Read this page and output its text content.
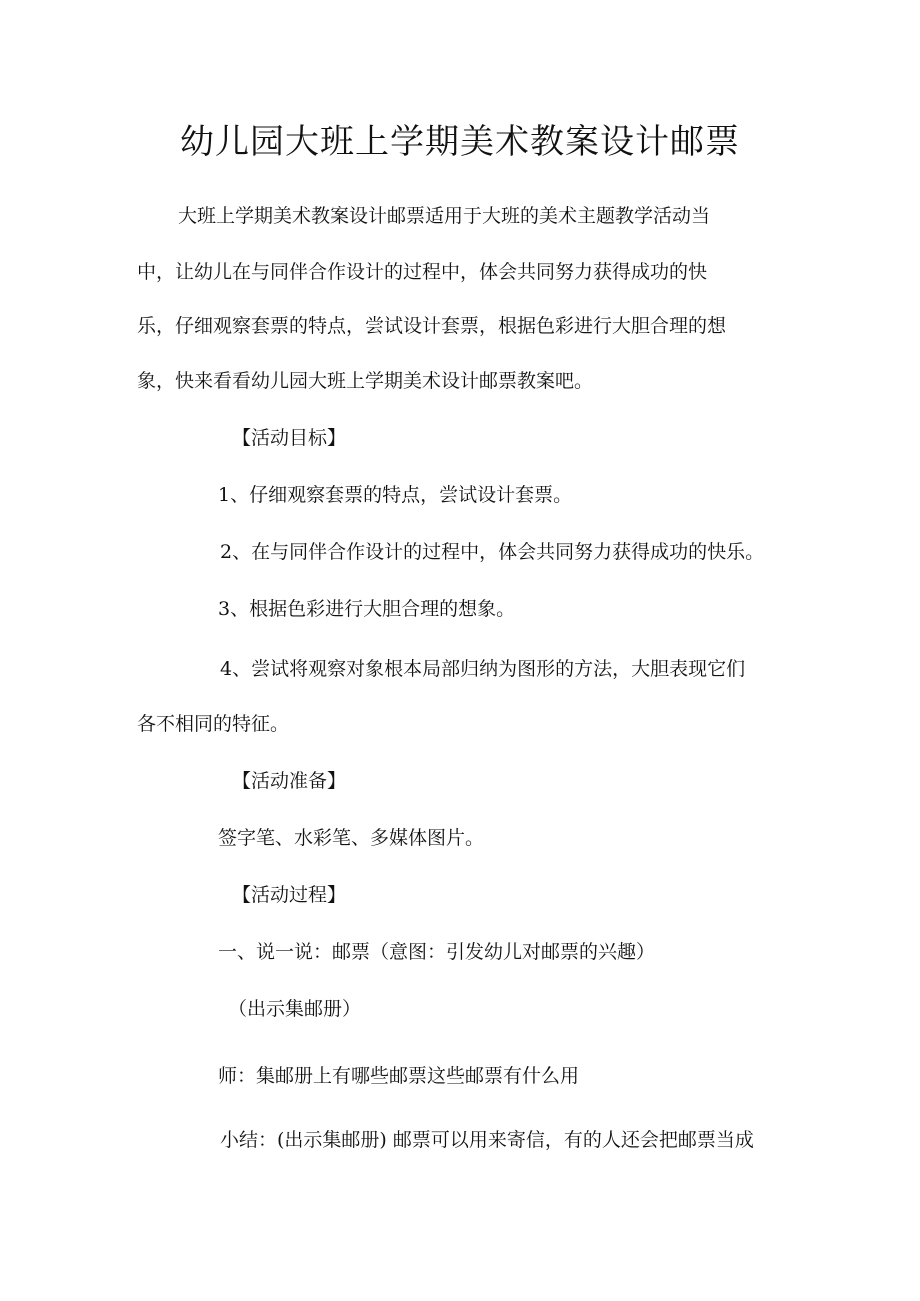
幼儿园大班上学期美术教案设计邮票
大班上学期美术教案设计邮票适用于大班的美术主题教学活动当
中，让幼儿在与同伴合作设计的过程中，体会共同努力获得成功的快
乐，仔细观察套票的特点，尝试设计套票，根据色彩进行大胆合理的想
象，快来看看幼儿园大班上学期美术设计邮票教案吧。
【活动目标】
1、仔细观察套票的特点，尝试设计套票。
2、在与同伴合作设计的过程中，体会共同努力获得成功的快乐。
3、根据色彩进行大胆合理的想象。
4、尝试将观察对象根本局部归纳为图形的方法，大胆表现它们
各不相同的特征。
【活动准备】
签字笔、水彩笔、多媒体图片。
【活动过程】
一、说一说：邮票（意图：引发幼儿对邮票的兴趣）
（出示集邮册）
师：集邮册上有哪些邮票这些邮票有什么用
小结：(出示集邮册) 邮票可以用来寄信，有的人还会把邮票当成
